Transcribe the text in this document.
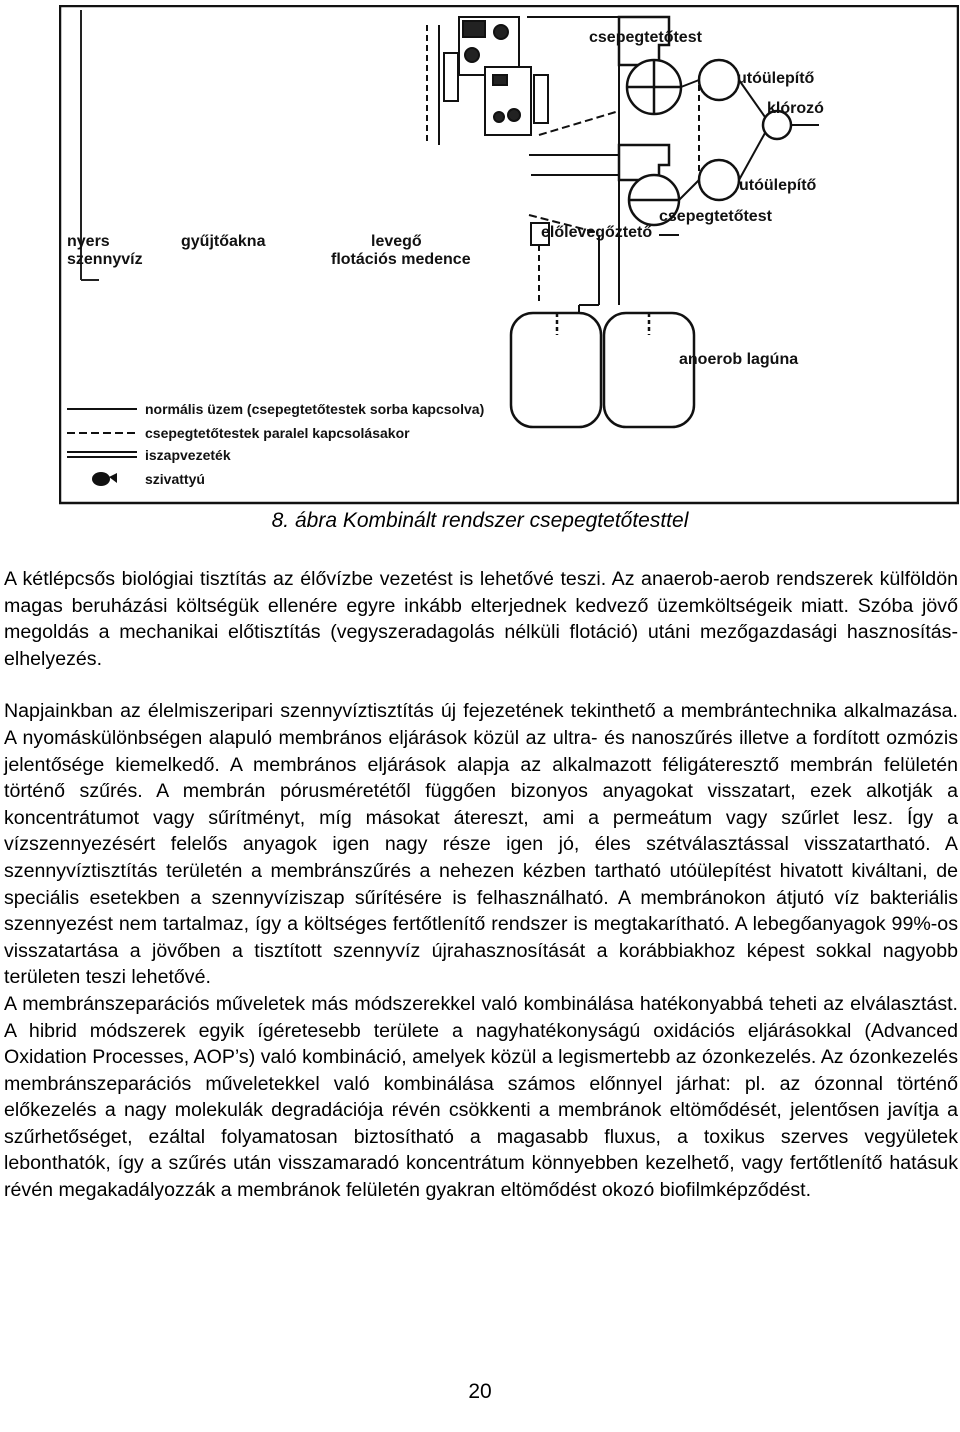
csepegtetőtest
utóülepítő
klórozó
utóülepítő
csepegtetőtest
előlevegőztető
nyers
szennyvíz
gyűjtőakna	levegő
flotációs medence
anoerob lagúna
normális üzem (csepegtetőtestek sorba kapcsolva)
csepegtetőtestek paralel kapcsolásakor
iszapvezeték
szivattyú

8. ábra Kombinált rendszer csepegtetőtesttel

A kétlépcsős biológiai tisztítás az élővízbe vezetést is lehetővé teszi. Az anaerob-aerob rendszerek külföldön magas beruházási költségük ellenére egyre inkább elterjednek kedvező üzemköltségeik miatt. Szóba jövő megoldás a mechanikai előtisztítás (vegyszeradagolás nélküli flotáció) utáni mezőgazdasági hasznosítás-elhelyezés.

Napjainkban az élelmiszeripari szennyvíztisztítás új fejezetének tekinthető a membrántechnika alkalmazása. A nyomáskülönbségen alapuló membrános eljárások közül az ultra- és nanoszűrés illetve a fordított ozmózis jelentősége kiemelkedő. A membrános eljárások alapja az alkalmazott féligáteresztő membrán felületén történő szűrés. A membrán pórusméretétől függően bizonyos anyagokat visszatart, ezek alkotják a koncentrátumot vagy sűrítményt, míg másokat átereszt, ami a permeátum vagy szűrlet lesz. Így a vízszennyezésért felelős anyagok igen nagy része igen jó, éles szétválasztással visszatartható. A szennyvíztisztítás területén a membránszűrés a nehezen kézben tartható utóülepítést hivatott kiváltani, de speciális esetekben a szennyvíziszap sűrítésére is felhasználható. A membránokon átjutó víz bakteriális szennyezést nem tartalmaz, így a költséges fertőtlenítő rendszer is megtakarítható. A lebegőanyagok 99%-os visszatartása a jövőben a tisztított szennyvíz újrahasznosítását a korábbiakhoz képest sokkal nagyobb területen teszi lehetővé.

A membránszeparációs műveletek más módszerekkel való kombinálása hatékonyabbá teheti az elválasztást. A hibrid módszerek egyik ígéretesebb területe a nagyhatékonyságú oxidációs eljárásokkal (Advanced Oxidation Processes, AOP’s) való kombináció, amelyek közül a legismertebb az ózonkezelés. Az ózonkezelés membránszeparációs műveletekkel való kombinálása számos előnnyel járhat: pl. az ózonnal történő előkezelés a nagy molekulák degradációja révén csökkenti a membránok eltömődését, jelentősen javítja a szűrhetőséget, ezáltal folyamatosan biztosítható a magasabb fluxus, a toxikus szerves vegyületek lebonthatók, így a szűrés után visszamaradó koncentrátum könnyebben kezelhető, vagy fertőtlenítő hatásuk révén megakadályozzák a membránok felületén gyakran eltömődést okozó biofilmképződést.

20
